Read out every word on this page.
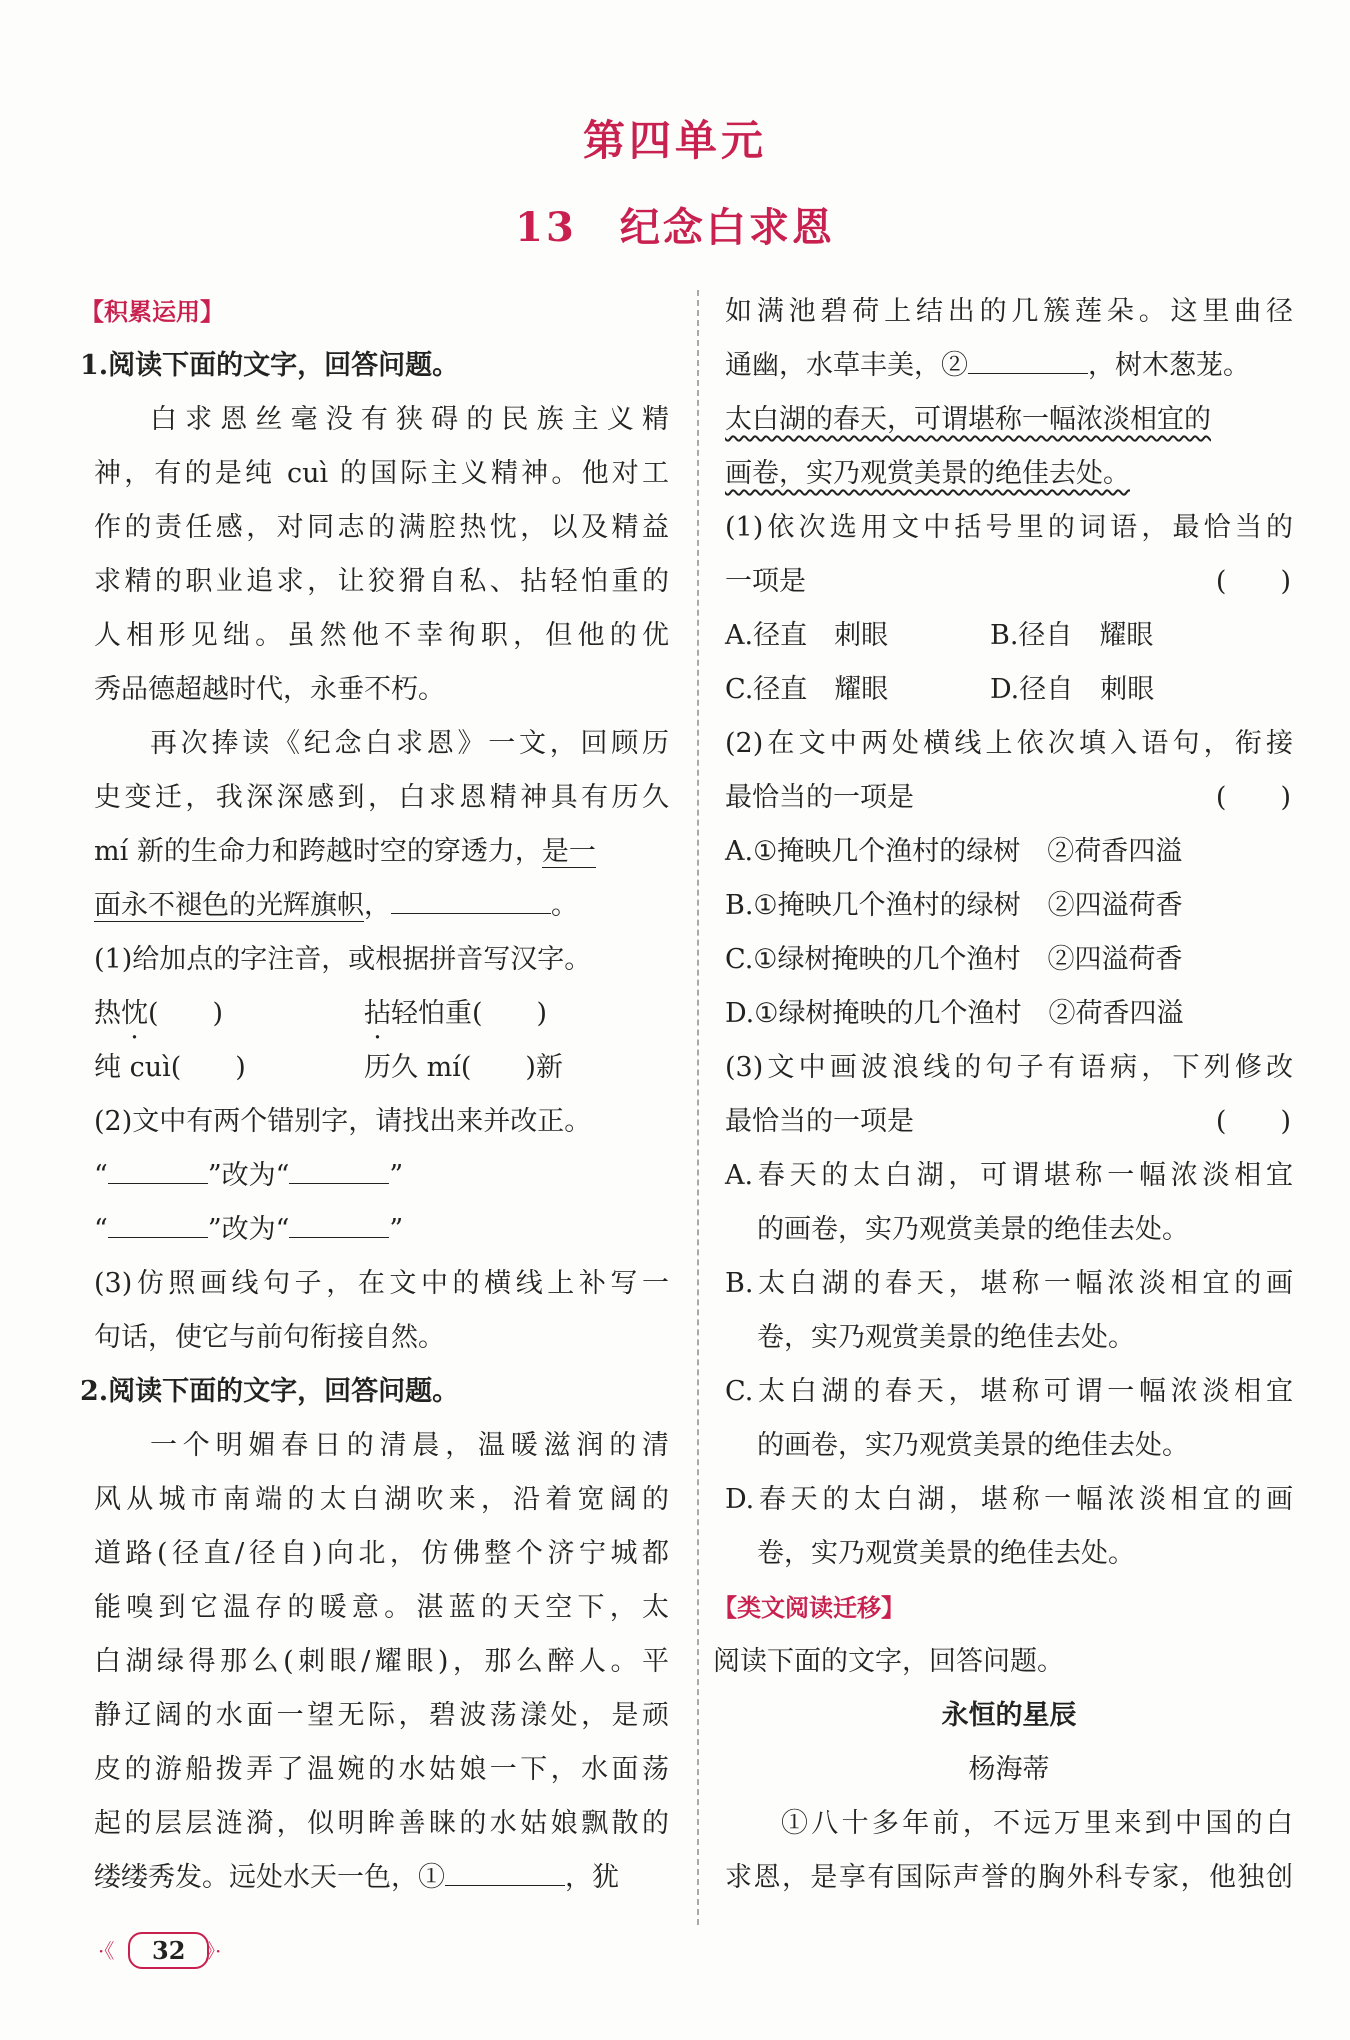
第四单元
13　纪念白求恩
【积累运用】
1.阅读下面的文字，回答问题。
白求恩丝毫没有狭碍的民族主义精
神，有的是纯 cuì 的国际主义精神。他对工
作的责任感，对同志的满腔热忱，以及精益
求精的职业追求，让狡猾自私、拈轻怕重的
人相形见绌。虽然他不幸徇职，但他的优
秀品德超越时代，永垂不朽。
再次捧读《纪念白求恩》一文，回顾历
史变迁，我深深感到，白求恩精神具有历久
mí 新的生命力和跨越时空的穿透力，是一
面永不褪色的光辉旗帜，	。
(1)给加点的字注音，或根据拼音写汉字。
热忱(　　)	拈轻怕重(　　)
纯 cuì(　　)	历久 mí(　　)新
(2)文中有两个错别字，请找出来并改正。
“	”改为“	”
“	”改为“	”
(3)仿照画线句子，在文中的横线上补写一
句话，使它与前句衔接自然。
2.阅读下面的文字，回答问题。
一个明媚春日的清晨，温暖滋润的清
风从城市南端的太白湖吹来，沿着宽阔的
道路(径直/径自)向北，仿佛整个济宁城都
能嗅到它温存的暖意。湛蓝的天空下，太
白湖绿得那么(刺眼/耀眼)，那么醉人。平
静辽阔的水面一望无际，碧波荡漾处，是顽
皮的游船拨弄了温婉的水姑娘一下，水面荡
起的层层涟漪，似明眸善睐的水姑娘飘散的
缕缕秀发。远处水天一色，①	，犹
如满池碧荷上结出的几簇莲朵。这里曲径
通幽，水草丰美，②	，树木葱茏。
太白湖的春天，可谓堪称一幅浓淡相宜的
画卷，实乃观赏美景的绝佳去处。
(1)依次选用文中括号里的词语，最恰当的
一项是	(　　)
A.径直　刺眼	B.径自　耀眼
C.径直　耀眼	D.径自　刺眼
(2)在文中两处横线上依次填入语句，衔接
最恰当的一项是	(　　)
A.①掩映几个渔村的绿树　②荷香四溢
B.①掩映几个渔村的绿树　②四溢荷香
C.①绿树掩映的几个渔村　②四溢荷香
D.①绿树掩映的几个渔村　②荷香四溢
(3)文中画波浪线的句子有语病，下列修改
最恰当的一项是	(　　)
A.春天的太白湖，可谓堪称一幅浓淡相宜
的画卷，实乃观赏美景的绝佳去处。
B.太白湖的春天，堪称一幅浓淡相宜的画
卷，实乃观赏美景的绝佳去处。
C.太白湖的春天，堪称可谓一幅浓淡相宜
的画卷，实乃观赏美景的绝佳去处。
D.春天的太白湖，堪称一幅浓淡相宜的画
卷，实乃观赏美景的绝佳去处。
【类文阅读迁移】
阅读下面的文字，回答问题。
永恒的星辰
杨海蒂
①八十多年前，不远万里来到中国的白
求恩，是享有国际声誉的胸外科专家，他独创
·《	32 》·
